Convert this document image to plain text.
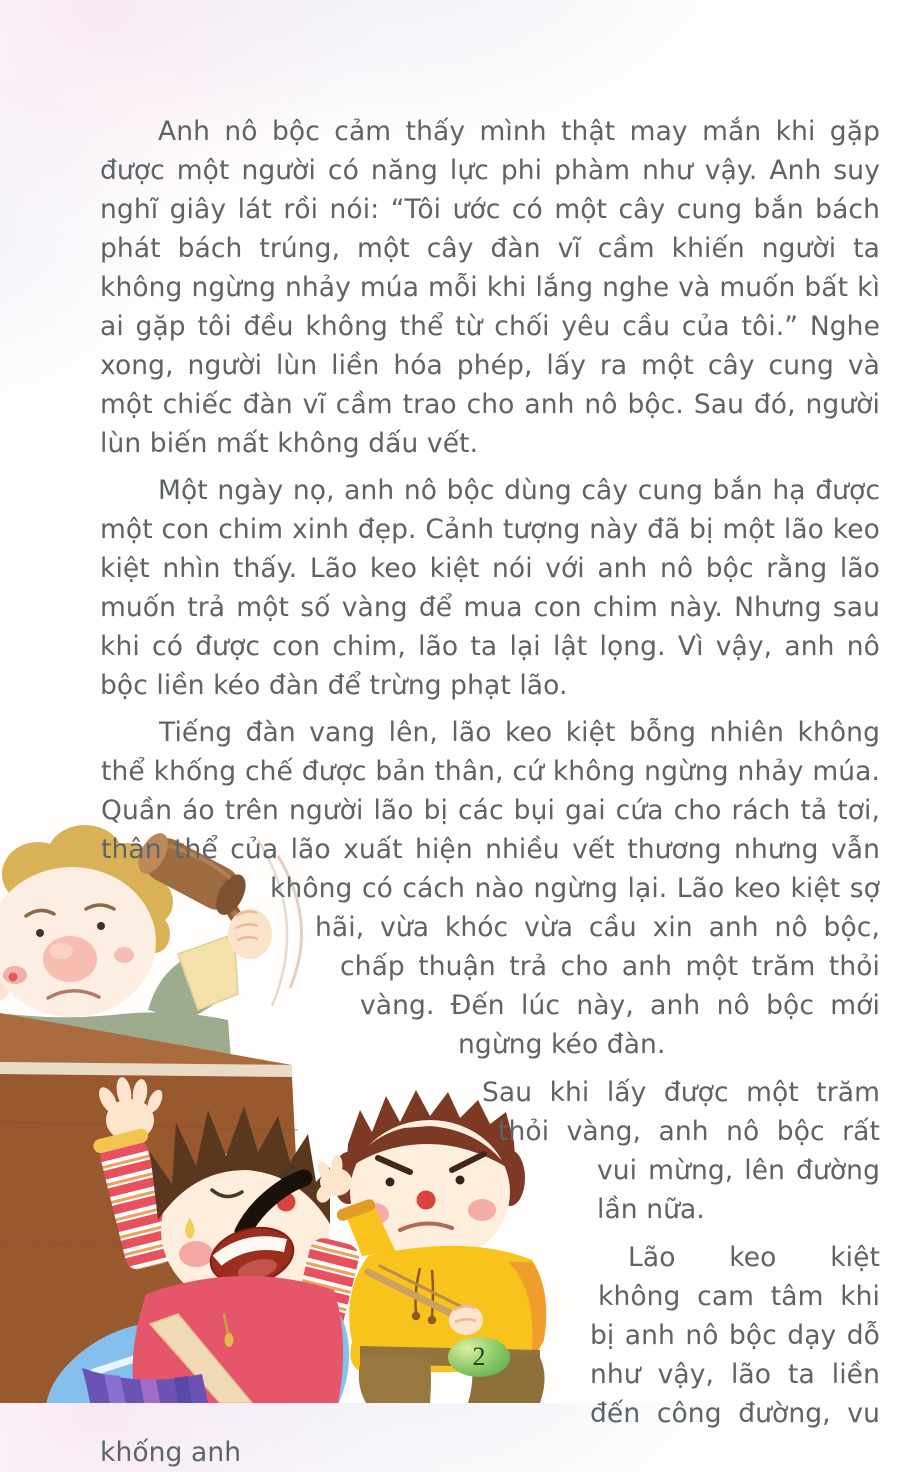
Anh nô bộc cảm thấy mình thật may mắn khi gặp được một người có năng lực phi phàm như vậy. Anh suy nghĩ giây lát rồi nói: “Tôi ước có một cây cung bắn bách phát bách trúng, một cây đàn vĩ cầm khiến người ta không ngừng nhảy múa mỗi khi lắng nghe và muốn bất kì ai gặp tôi đều không thể từ chối yêu cầu của tôi.” Nghe xong, người lùn liền hóa phép, lấy ra một cây cung và một chiếc đàn vĩ cầm trao cho anh nô bộc. Sau đó, người lùn biến mất không dấu vết.

Một ngày nọ, anh nô bộc dùng cây cung bắn hạ được một con chim xinh đẹp. Cảnh tượng này đã bị một lão keo kiệt nhìn thấy. Lão keo kiệt nói với anh nô bộc rằng lão muốn trả một số vàng để mua con chim này. Nhưng sau khi có được con chim, lão ta lại lật lọng. Vì vậy, anh nô bộc liền kéo đàn để trừng phạt lão.

Tiếng đàn vang lên, lão keo kiệt bỗng nhiên không thể khống chế được bản thân, cứ không ngừng nhảy múa. Quần áo trên người lão bị các bụi gai cứa cho rách tả tơi, thân thể của lão xuất hiện nhiều vết thương nhưng vẫn không có cách nào ngừng lại. Lão keo kiệt sợ hãi, vừa khóc vừa cầu xin anh nô bộc, chấp thuận trả cho anh một trăm thỏi vàng. Đến lúc này, anh nô bộc mới ngừng kéo đàn.

Sau khi lấy được một trăm thỏi vàng, anh nô bộc rất vui mừng, lên đường lần nữa.

Lão keo kiệt không cam tâm khi bị anh nô bộc dạy dỗ như vậy, lão ta liền đến công đường, vu khống anh

2
